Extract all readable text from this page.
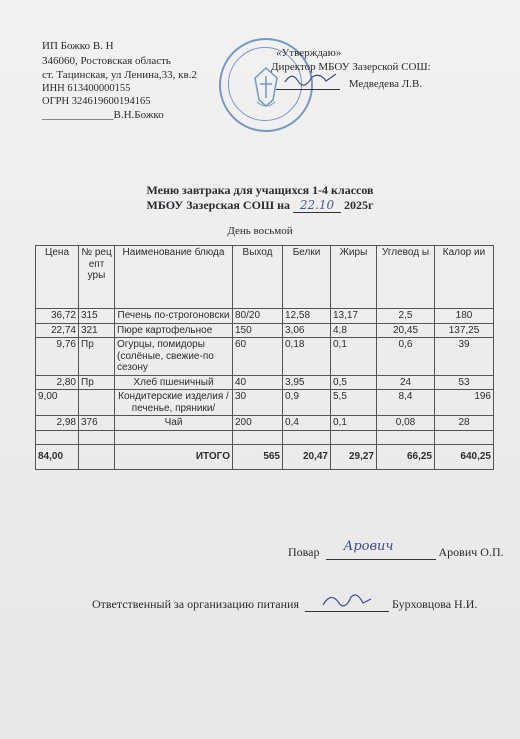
ИП Божко В. Н
346060, Ростовская область
ст. Тацинская, ул Ленина,33, кв.2
ИНН 613400000155
ОГРН 324619600194165
_____________В.Н.Божко
«Утверждаю»
Директор МБОУ Зазерской СОШ:
Медведева Л.В.
Меню завтрака для учащихся 1-4 классов
МБОУ Зазерская СОШ на 22.10 2025г
День восьмой
Цена	№ рец епт уры	Наименование блюда	Выход	Белки	Жиры	Углевод ы	Калор ии
36,72	315	Печень по-строгоновски	80/20	12,58	13,17	2,5	180
22,74	321	Пюре картофельное	150	3,06	4,8	20,45	137,25
9,76	Пр	Огурцы, помидоры (солёные, свежие-по сезону	60	0,18	0,1	0,6	39
2,80	Пр	Хлеб пшеничный	40	3,95	0,5	24	53
9,00		Кондитерские изделия /печенье, пряники/	30	0,9	5,5	8,4	196
2,98	376	Чай	200	0,4	0,1	0,08	28

84,00		ИТОГО	565	20,47	29,27	66,25	640,25
Повар Арович	Арович О.П.
Ответственный за организацию питания	Бурховцова Н.И.
